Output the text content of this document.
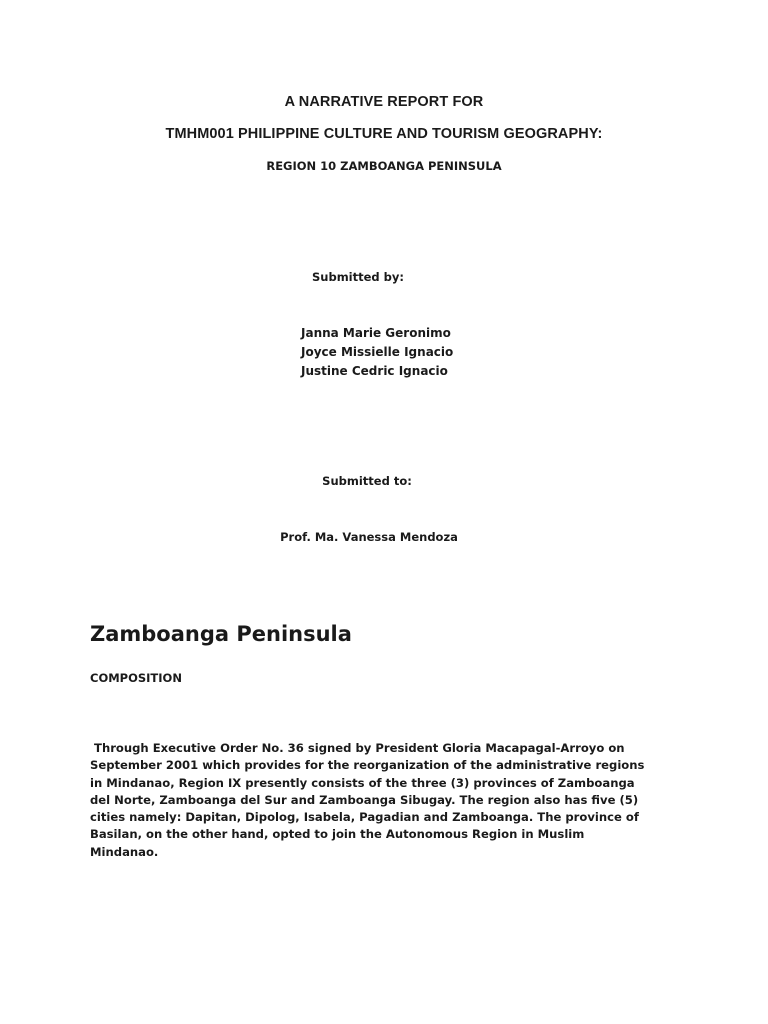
A NARRATIVE REPORT FOR
TMHM001 PHILIPPINE CULTURE AND TOURISM GEOGRAPHY:
REGION 10 ZAMBOANGA PENINSULA
Submitted by:
Janna Marie Geronimo
Joyce Missielle Ignacio
Justine Cedric Ignacio
Submitted to:
Prof. Ma. Vanessa Mendoza
Zamboanga Peninsula
COMPOSITION
Through Executive Order No. 36 signed by President Gloria Macapagal-Arroyo on
September 2001 which provides for the reorganization of the administrative regions
in Mindanao, Region IX presently consists of the three (3) provinces of Zamboanga
del Norte, Zamboanga del Sur and Zamboanga Sibugay. The region also has five (5)
cities namely: Dapitan, Dipolog, Isabela, Pagadian and Zamboanga. The province of
Basilan, on the other hand, opted to join the Autonomous Region in Muslim
Mindanao.
